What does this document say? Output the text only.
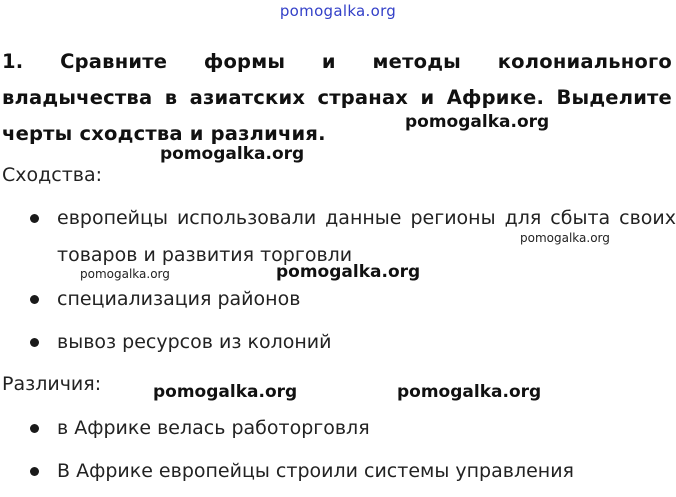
pomogalka.org
1. Сравните формы и методы колониального владычества в азиатских странах и Африке. Выделите черты сходства и различия.
Сходства:
европейцы использовали данные регионы для сбыта своих товаров и развития торговли
специализация районов
вывоз ресурсов из колоний
Различия:
в Африке велась работорговля
В Африке европейцы строили системы управления
pomogalka.org
pomogalka.org
pomogalka.org
pomogalka.org	pomogalka.org
pomogalka.org	pomogalka.org
